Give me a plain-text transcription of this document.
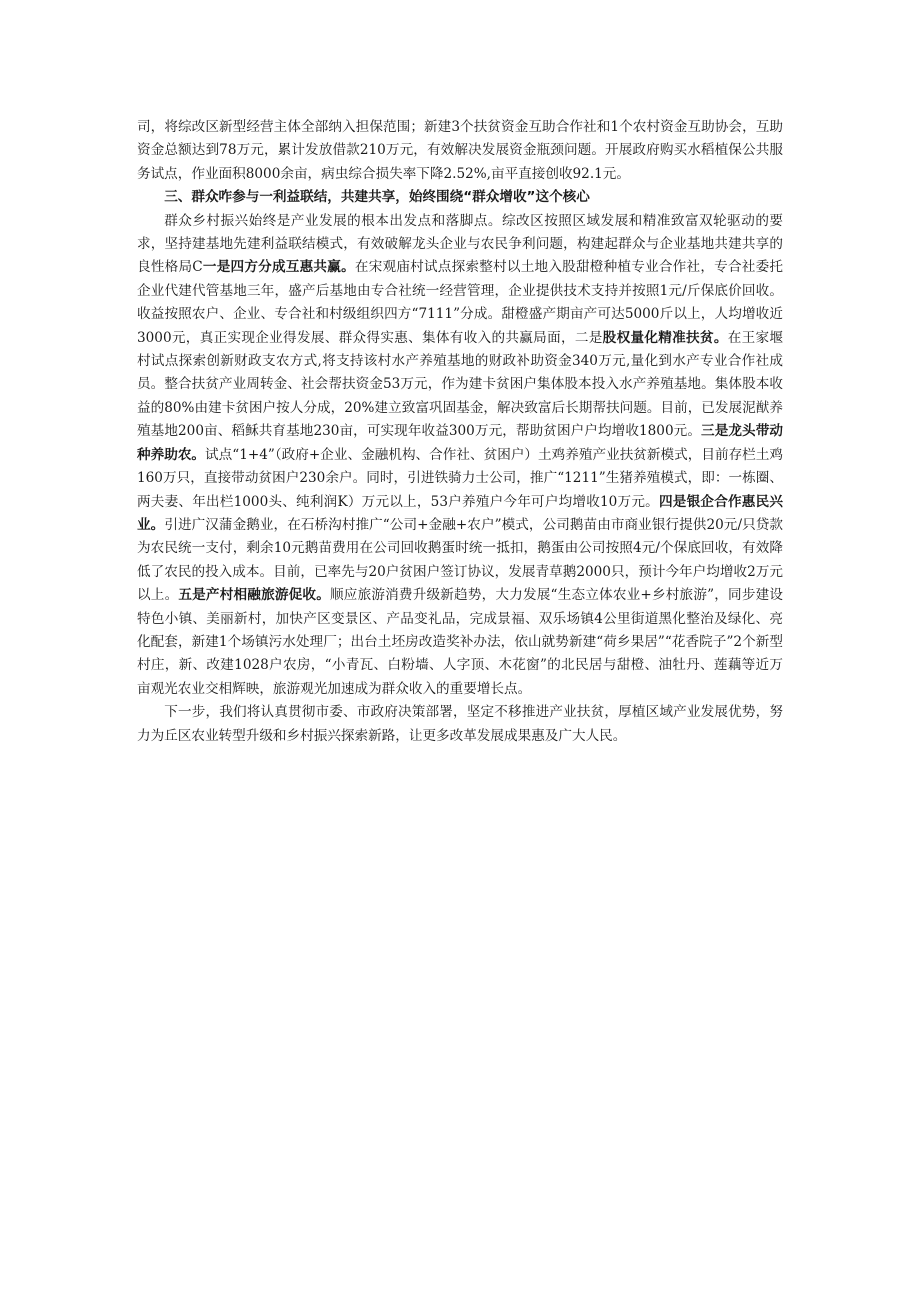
司，将综改区新型经营主体全部纳入担保范围；新建3个扶贫资金互助合作社和1个农村资金互助协会，互助资金总额达到78万元，累计发放借款210万元，有效解决发展资金瓶颈问题。开展政府购买水稻植保公共服务试点，作业面积8000余亩，病虫综合损失率下降2.52%,亩平直接创收92.1元。

三、群众咋参与一利益联结，共建共享，始终围绕“群众增收”这个核心

群众乡村振兴始终是产业发展的根本出发点和落脚点。综改区按照区域发展和精准致富双轮驱动的要求，坚持建基地先建利益联结模式，有效破解龙头企业与农民争利问题，构建起群众与企业基地共建共享的良性格局C一是四方分成互惠共赢。在宋观庙村试点探索整村以土地入股甜橙种植专业合作社，专合社委托企业代建代管基地三年，盛产后基地由专合社统一经营管理，企业提供技术支持并按照1元/斤保底价回收。收益按照农户、企业、专合社和村级组织四方“7111”分成。甜橙盛产期亩产可达5000斤以上，人均增收近3000元，真正实现企业得发展、群众得实惠、集体有收入的共赢局面，二是股权量化精准扶贫。在王家堰村试点探索创新财政支农方式,将支持该村水产养殖基地的财政补助资金340万元,量化到水产专业合作社成员。整合扶贫产业周转金、社会帮扶资金53万元，作为建卡贫困户集体股本投入水产养殖基地。集体股本收益的80%由建卡贫困户按人分成，20%建立致富巩固基金，解决致富后长期帮扶问题。目前，已发展泥猷养殖基地200亩、稻稣共育基地230亩，可实现年收益300万元，帮助贫困户户均增收1800元。三是龙头带动种养助农。试点“1+4”（政府+企业、金融机构、合作社、贫困户）土鸡养殖产业扶贫新模式，目前存栏土鸡160万只，直接带动贫困户230余户。同时，引进铁骑力士公司，推广“1211”生猪养殖模式，即：一栋圈、两夫妻、年出栏1000头、纯利润K）万元以上，53户养殖户今年可户均增收10万元。四是银企合作惠民兴业。引进广汉蒲金鹅业，在石桥沟村推广“公司+金融+农户”模式，公司鹅苗由市商业银行提供20元/只贷款为农民统一支付，剩余10元鹅苗费用在公司回收鹅蛋时统一抵扣，鹅蛋由公司按照4元/个保底回收，有效降低了农民的投入成本。目前，已率先与20户贫困户签订协议，发展青草鹅2000只，预计今年户均增收2万元以上。五是产村相融旅游促收。顺应旅游消费升级新趋势，大力发展“生态立体农业+乡村旅游”，同步建设特色小镇、美丽新村，加快产区变景区、产品变礼品，完成景福、双乐场镇4公里街道黑化整治及绿化、亮化配套，新建1个场镇污水处理厂；出台土坯房改造奖补办法，依山就势新建“荷乡果居”“花香院子”2个新型村庄，新、改建1028户农房，“小青瓦、白粉墙、人字顶、木花窗”的北民居与甜橙、油牡丹、莲藕等近万亩观光农业交相辉映，旅游观光加速成为群众收入的重要增长点。

下一步，我们将认真贯彻市委、市政府决策部署，坚定不移推进产业扶贫，厚植区域产业发展优势，努力为丘区农业转型升级和乡村振兴探索新路，让更多改革发展成果惠及广大人民。
